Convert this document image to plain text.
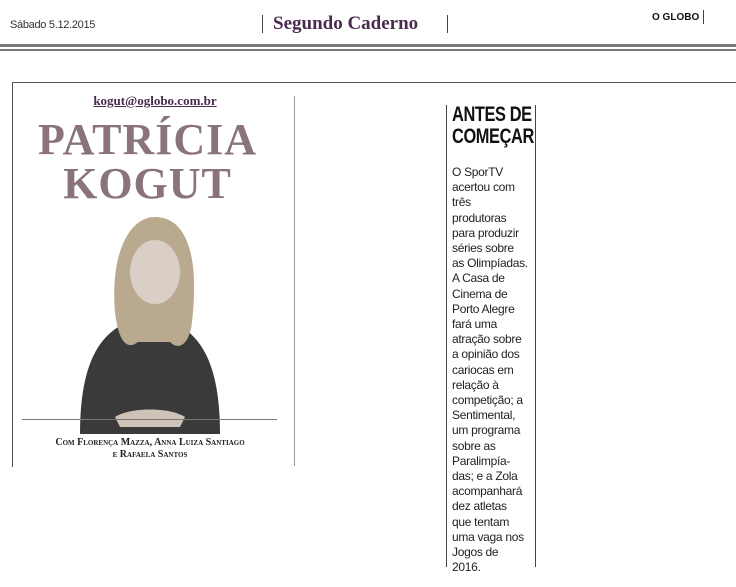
Sábado 5.12.2015	Segundo Caderno	O GLOBO
kogut@oglobo.com.br
PATRÍCIA
KOGUT
Com Florença Mazza, Anna Luiza Santiago
e Rafaela Santos
ANTES DE
COMEÇAR
O SporTV
acertou com
três
produtoras
para produzir
séries sobre
as Olimpíadas.
A Casa de
Cinema de
Porto Alegre
fará uma
atração sobre
a opinião dos
cariocas em
relação à
competição; a
Sentimental,
um programa
sobre as
Paralimpía-
das; e a Zola
acompanhará
dez atletas
que tentam
uma vaga nos
Jogos de
2016.
